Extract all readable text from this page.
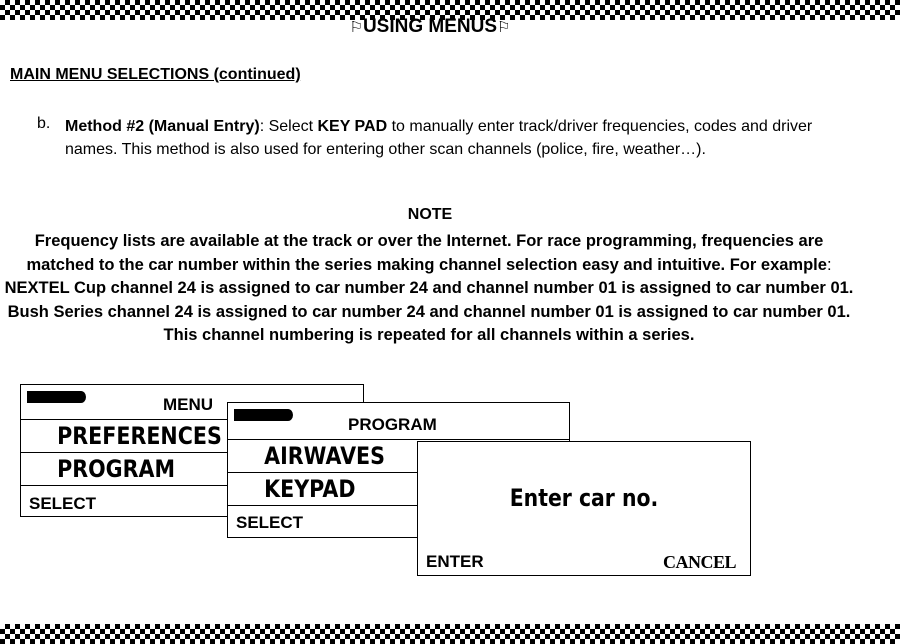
⚐USING MENUS⚐
MAIN MENU SELECTIONS (continued)
b. Method #2 (Manual Entry): Select KEY PAD to manually enter track/driver frequencies, codes and driver names. This method is also used for entering other scan channels (police, fire, weather…).
NOTE
Frequency lists are available at the track or over the Internet. For race programming, frequencies are matched to the car number within the series making channel selection easy and intuitive. For example: NEXTEL Cup channel 24 is assigned to car number 24 and channel number 01 is assigned to car number 01. Bush Series channel 24 is assigned to car number 24 and channel number 01 is assigned to car number 01. This channel numbering is repeated for all channels within a series.
MENU
PREFERENCES
PROGRAM
SELECT
PROGRAM
AIRWAVES
KEYPAD
SELECT
Enter car no.
ENTER	CANCEL
